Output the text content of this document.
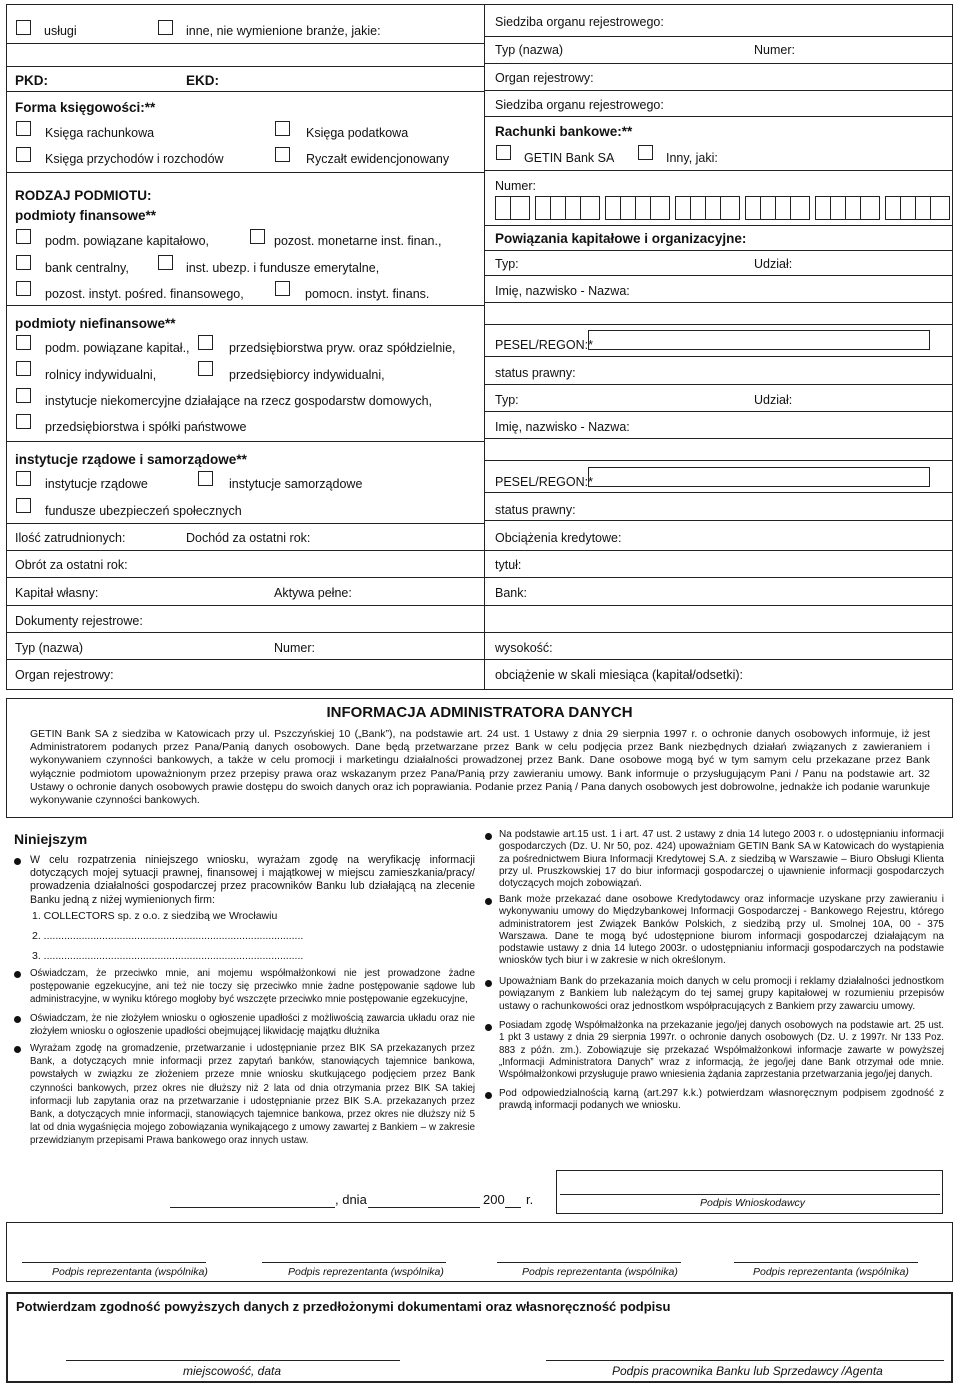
usługi	inne, nie wymienione branże, jakie:
PKD:	EKD:
Forma księgowości:**
Księga rachunkowa	Księga podatkowa
Księga przychodów i rozchodów	Ryczałt ewidencjonowany
RODZAJ PODMIOTU:
podmioty finansowe**
podm. powiązane kapitałowo,	pozost. monetarne inst. finan.,
bank centralny,	inst. ubezp. i fundusze emerytalne,
pozost. instyt. pośred. finansowego,	pomocn. instyt. finans.
podmioty niefinansowe**
podm. powiązane kapitał.,	przedsiębiorstwa pryw. oraz spółdzielnie,
rolnicy indywidualni,	przedsiębiorcy indywidualni,
instytucje niekomercyjne działające na rzecz gospodarstw domowych,
przedsiębiorstwa i spółki państwowe
instytucje rządowe i samorządowe**
instytucje rządowe	instytucje samorządowe
fundusze ubezpieczeń społecznych
Ilość zatrudnionych:	Dochód za ostatni rok:
Obrót za ostatni rok:
Kapitał własny:	Aktywa pełne:
Dokumenty rejestrowe:
Typ (nazwa)	Numer:
Organ rejestrowy:
Siedziba organu rejestrowego:
Typ (nazwa)	Numer:
Organ rejestrowy:
Siedziba organu rejestrowego:
Rachunki bankowe:**
GETIN Bank SA	Inny, jaki:
Numer:
Powiązania kapitałowe i organizacyjne:
Typ:	Udział:
Imię, nazwisko - Nazwa:
PESEL/REGON:*
status prawny:
Typ:	Udział:
Imię, nazwisko - Nazwa:
PESEL/REGON:*
status prawny:
Obciążenia kredytowe:
tytuł:
Bank:
wysokość:
obciążenie w skali miesiąca (kapitał/odsetki):
INFORMACJA ADMINISTRATORA DANYCH
GETIN Bank SA z siedziba w Katowicach przy ul. Pszczyńskiej 10 („Bank”), na podstawie art. 24 ust. 1 Ustawy z dnia 29 sierpnia 1997 r. o ochronie danych osobowych informuje, iż jest Administratorem podanych przez Pana/Panią danych osobowych. Dane będą przetwarzane przez Bank w celu podjęcia przez Bank niezbędnych działań związanych z zawieraniem i wykonywaniem czynności bankowych, a także w celu promocji i marketingu działalności prowadzonej przez Bank. Dane osobowe mogą być w tym samym celu przekazane przez Bank wyłącznie podmiotom upoważnionym przez przepisy prawa oraz wskazanym przez Pana/Panią przy zawieraniu umowy. Bank informuje o przysługującym Pani / Panu na podstawie art. 32 Ustawy o ochronie danych osobowych prawie dostępu do swoich danych oraz ich poprawiania. Podanie przez Panią / Pana danych osobowych jest dobrowolne, jednakże ich podanie warunkuje wykonywanie czynności bankowych.
Niniejszym
W celu rozpatrzenia niniejszego wniosku, wyrażam zgodę na weryfikację informacji dotyczących mojej sytuacji prawnej, finansowej i majątkowej w miejscu zamieszkania/pracy/ prowadzenia działalności gospodarczej przez pracowników Banku lub działającą na zlecenie Banku jedną z niżej wymienionych firm:
1. COLLECTORS sp. z o.o. z siedzibą we Wrocławiu
2. .........................................................................................
3. .........................................................................................
Oświadczam, że przeciwko mnie, ani mojemu współmałżonkowi nie jest prowadzone żadne postępowanie egzekucyjne, ani też nie toczy się przeciwko mnie żadne postępowanie sądowe lub administracyjne, w wyniku którego mogłoby być wszczęte przeciwko mnie postępowanie egzekucyjne,
Oświadczam, że nie złożyłem wniosku o ogłoszenie upadłości z możliwością zawarcia układu oraz nie złożyłem wniosku o ogłoszenie upadłości obejmującej likwidację majątku dłużnika
Wyrażam zgodę na gromadzenie, przetwarzanie i udostępnianie przez BIK SA przekazanych przez Bank, a dotyczących mnie informacji przez zapytań banków, stanowiących tajemnice bankowa, powstałych w związku ze złożeniem przeze mnie wniosku skutkującego podjęciem przez Bank czynności bankowych, przez okres nie dłuższy niż 2 lata od dnia otrzymania przez BIK SA takiej informacji lub zapytania oraz na przetwarzanie i udostępnianie przez BIK S.A. przekazanych przez Bank, a dotyczących mnie informacji, stanowiących tajemnice bankowa, przez okres nie dłuższy niż 5 lat od dnia wygaśnięcia mojego zobowiązania wynikającego z umowy zawartej z Bankiem – w zakresie przewidzianym przepisami Prawa bankowego oraz innych ustaw.
Na podstawie art.15 ust. 1 i art. 47 ust. 2 ustawy z dnia 14 lutego 2003 r. o udostępnianiu informacji gospodarczych (Dz. U. Nr 50, poz. 424) upoważniam GETIN Bank SA w Katowicach do wystąpienia za pośrednictwem Biura Informacji Kredytowej S.A. z siedzibą w Warszawie – Biuro Obsługi Klienta przy ul. Pruszkowskiej 17 do biur informacji gospodarczej o ujawnienie informacji gospodarczych dotyczących mojch zobowiązań.
Bank może przekazać dane osobowe Kredytodawcy oraz informacje uzyskane przy zawieraniu i wykonywaniu umowy do Międzybankowej Informacji Gospodarczej - Bankowego Rejestru, którego administratorem jest Związek Banków Polskich, z siedzibą przy ul. Smolnej 10A, 00 - 375 Warszawa. Dane te mogą być udostępnione biurom informacji gospodarczej działającym na podstawie ustawy z dnia 14 lutego 2003r. o udostępnianiu informacji gospodarczych na podstawie wniosków tych biur i w zakresie w nich określonym.
Upoważniam Bank do przekazania moich danych w celu promocji i reklamy działalności jednostkom powiązanym z Bankiem lub należącym do tej samej grupy kapitałowej w rozumieniu przepisów ustawy o rachunkowości oraz jednostkom współpracujących z Bankiem przy zawarciu umowy.
Posiadam zgodę Współmałżonka na przekazanie jego/jej danych osobowych na podstawie art. 25 ust. 1 pkt 3 ustawy z dnia 29 sierpnia 1997r. o ochronie danych osobowych (Dz. U. z 1997r. Nr 133 Poz. 883 z późn. zm.). Zobowiązuje się przekazać Współmałżonkowi informacje zawarte w powyższej „Informacji Administratora Danych” wraz z informacją, że jego/jej dane Bank otrzymał ode mnie. Współmałżonkowi przysługuje prawo wniesienia żądania zaprzestania przetwarzania jego/jej danych.
Pod odpowiedzialnością karną (art.297 k.k.) potwierdzam własnoręcznym podpisem zgodność z prawdą informacji podanych we wniosku.
, dnia	200 r.	Podpis Wnioskodawcy
Podpis reprezentanta (wspólnika)	Podpis reprezentanta (wspólnika)	Podpis reprezentanta (wspólnika)	Podpis reprezentanta (wspólnika)
Potwierdzam zgodność powyższych danych z przedłożonymi dokumentami oraz własnoręczność podpisu
miejscowość, data	Podpis pracownika Banku lub Sprzedawcy /Agenta
